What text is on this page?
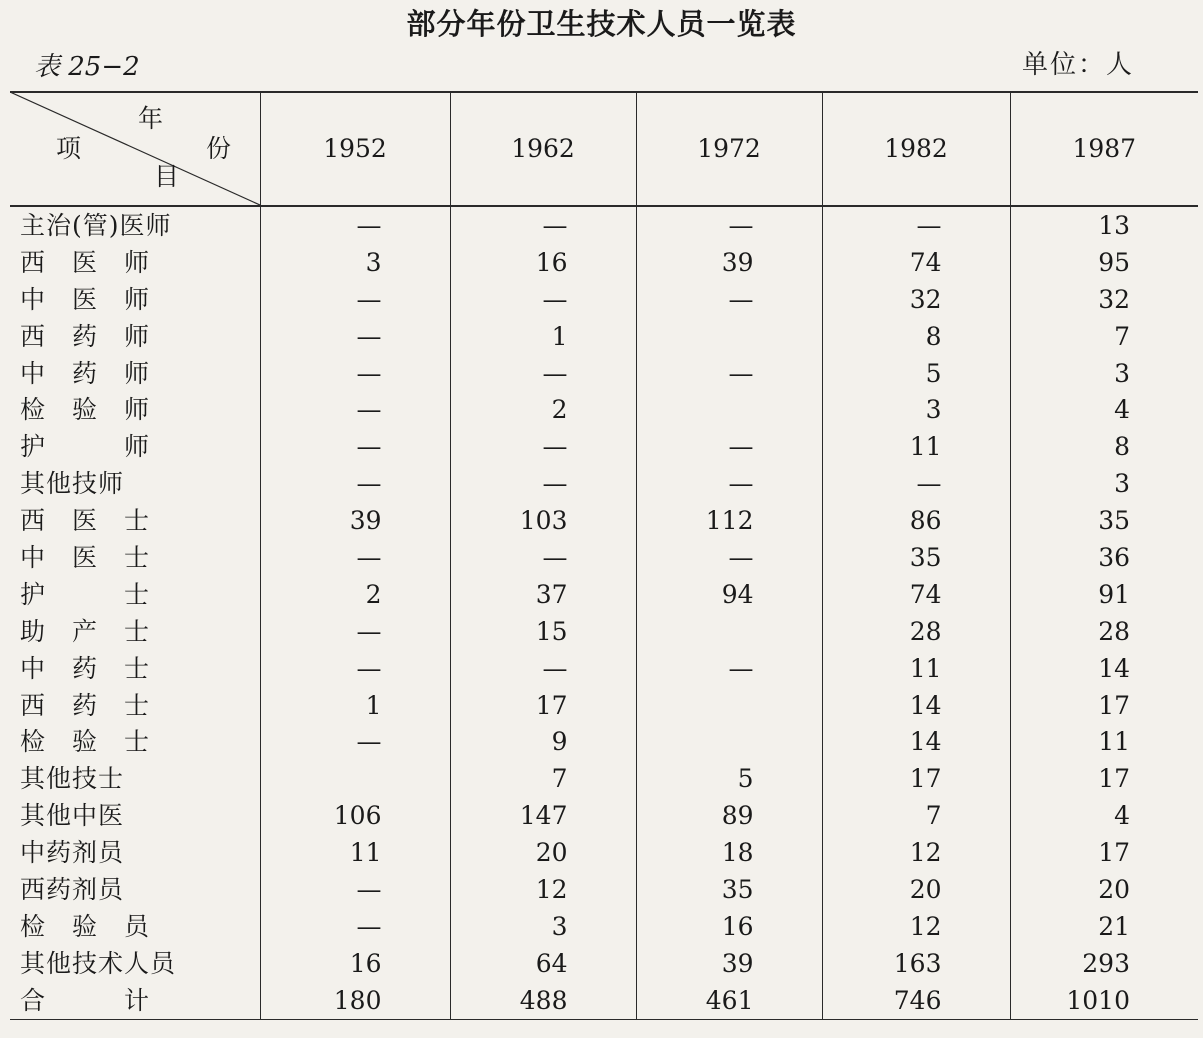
部分年份卫生技术人员一览表
表 25−2	单位：人
年
份
项
目	1952	1962	1972	1982	1987
主治(管)医师	—	—	—	—	13
西　医　师	3	16	39	74	95
中　医　师	—	—	—	32	32
西　药　师	—	1		8	7
中　药　师	—	—	—	5	3
检　验　师	—	2		3	4
护　　　师	—	—	—	11	8
其他技师	—	—	—	—	3
西　医　士	39	103	112	86	35
中　医　士	—	—	—	35	36
护　　　士	2	37	94	74	91
助　产　士	—	15		28	28
中　药　士	—	—	—	11	14
西　药　士	1	17		14	17
检　验　士	—	9		14	11
其他技士		7	5	17	17
其他中医	106	147	89	7	4
中药剂员	11	20	18	12	17
西药剂员	—	12	35	20	20
检　验　员	—	3	16	12	21
其他技术人员	16	64	39	163	293
合　　　计	180	488	461	746	1010
